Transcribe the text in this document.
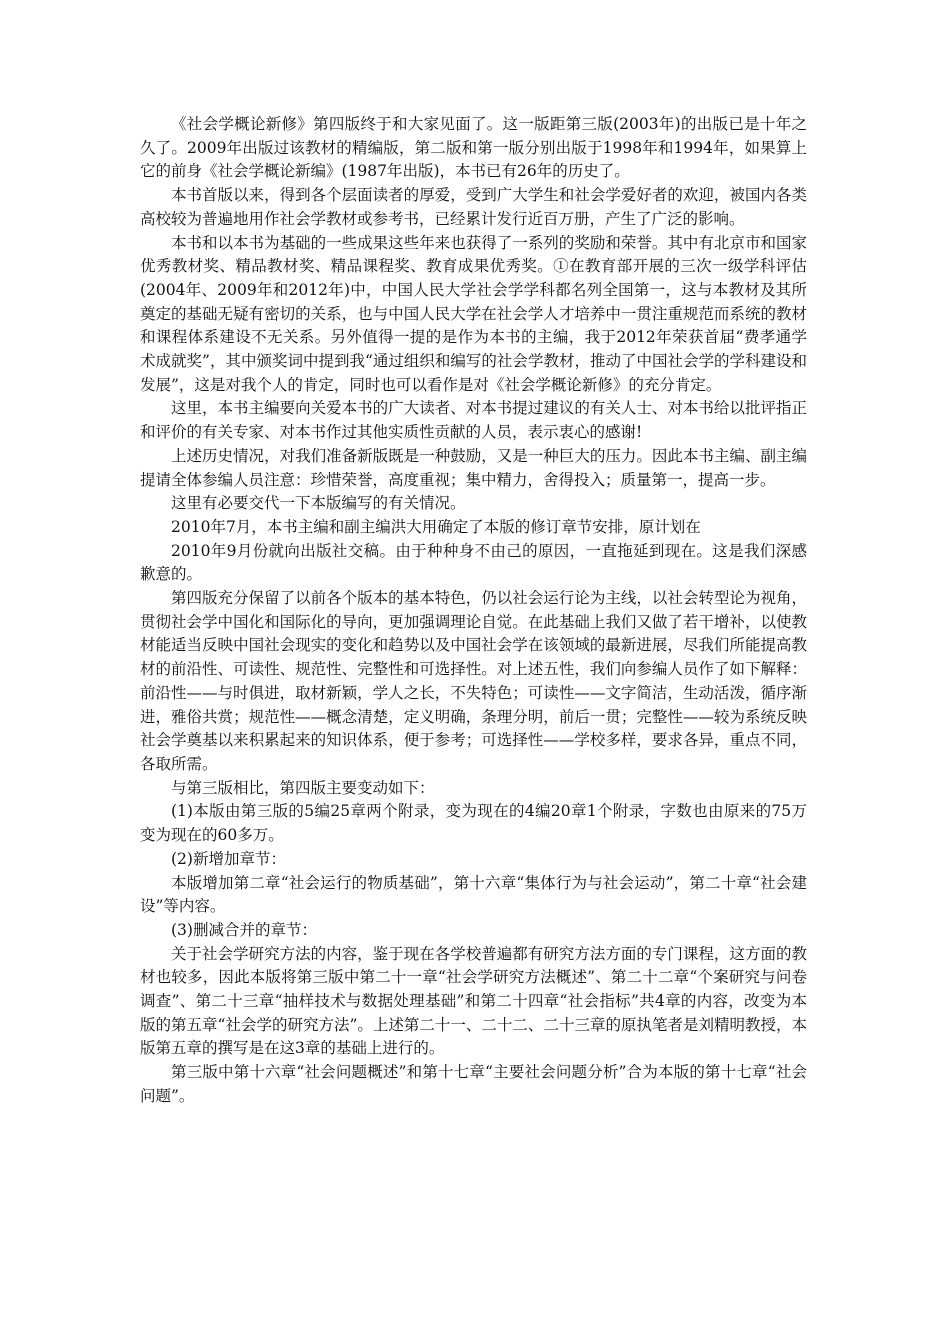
《社会学概论新修》第四版终于和大家见面了。这一版距第三版(2003年)的出版已是十年之久了。2009年出版过该教材的精编版，第二版和第一版分别出版于1998年和1994年，如果算上它的前身《社会学概论新编》(1987年出版)，本书已有26年的历史了。

本书首版以来，得到各个层面读者的厚爱，受到广大学生和社会学爱好者的欢迎，被国内各类高校较为普遍地用作社会学教材或参考书，已经累计发行近百万册，产生了广泛的影响。

本书和以本书为基础的一些成果这些年来也获得了一系列的奖励和荣誉。其中有北京市和国家优秀教材奖、精品教材奖、精品课程奖、教育成果优秀奖。①在教育部开展的三次一级学科评估(2004年、2009年和2012年)中，中国人民大学社会学学科都名列全国第一，这与本教材及其所奠定的基础无疑有密切的关系，也与中国人民大学在社会学人才培养中一贯注重规范而系统的教材和课程体系建设不无关系。另外值得一提的是作为本书的主编，我于2012年荣获首届“费孝通学术成就奖”，其中颁奖词中提到我“通过组织和编写的社会学教材，推动了中国社会学的学科建设和发展”，这是对我个人的肯定，同时也可以看作是对《社会学概论新修》的充分肯定。

这里，本书主编要向关爱本书的广大读者、对本书提过建议的有关人士、对本书给以批评指正和评价的有关专家、对本书作过其他实质性贡献的人员，表示衷心的感谢!

上述历史情况，对我们准备新版既是一种鼓励，又是一种巨大的压力。因此本书主编、副主编提请全体参编人员注意：珍惜荣誉，高度重视；集中精力，舍得投入；质量第一，提高一步。

这里有必要交代一下本版编写的有关情况。

2010年7月，本书主编和副主编洪大用确定了本版的修订章节安排，原计划在

2010年9月份就向出版社交稿。由于种种身不由己的原因，一直拖延到现在。这是我们深感歉意的。

第四版充分保留了以前各个版本的基本特色，仍以社会运行论为主线，以社会转型论为视角，贯彻社会学中国化和国际化的导向，更加强调理论自觉。在此基础上我们又做了若干增补，以使教材能适当反映中国社会现实的变化和趋势以及中国社会学在该领域的最新进展，尽我们所能提高教材的前沿性、可读性、规范性、完整性和可选择性。对上述五性，我们向参编人员作了如下解释：前沿性——与时俱进，取材新颖，学人之长，不失特色；可读性——文字简洁，生动活泼，循序渐进，雅俗共赏；规范性——概念清楚，定义明确，条理分明，前后一贯；完整性——较为系统反映社会学奠基以来积累起来的知识体系，便于参考；可选择性——学校多样，要求各异，重点不同，各取所需。

与第三版相比，第四版主要变动如下：

(1)本版由第三版的5编25章两个附录，变为现在的4编20章1个附录，字数也由原来的75万变为现在的60多万。

(2)新增加章节：

本版增加第二章“社会运行的物质基础”，第十六章“集体行为与社会运动”，第二十章“社会建设”等内容。

(3)删减合并的章节：

关于社会学研究方法的内容，鉴于现在各学校普遍都有研究方法方面的专门课程，这方面的教材也较多，因此本版将第三版中第二十一章“社会学研究方法概述”、第二十二章“个案研究与问卷调查”、第二十三章“抽样技术与数据处理基础”和第二十四章“社会指标”共4章的内容，改变为本版的第五章“社会学的研究方法”。上述第二十一、二十二、二十三章的原执笔者是刘精明教授，本版第五章的撰写是在这3章的基础上进行的。

第三版中第十六章“社会问题概述”和第十七章“主要社会问题分析”合为本版的第十七章“社会问题”。
